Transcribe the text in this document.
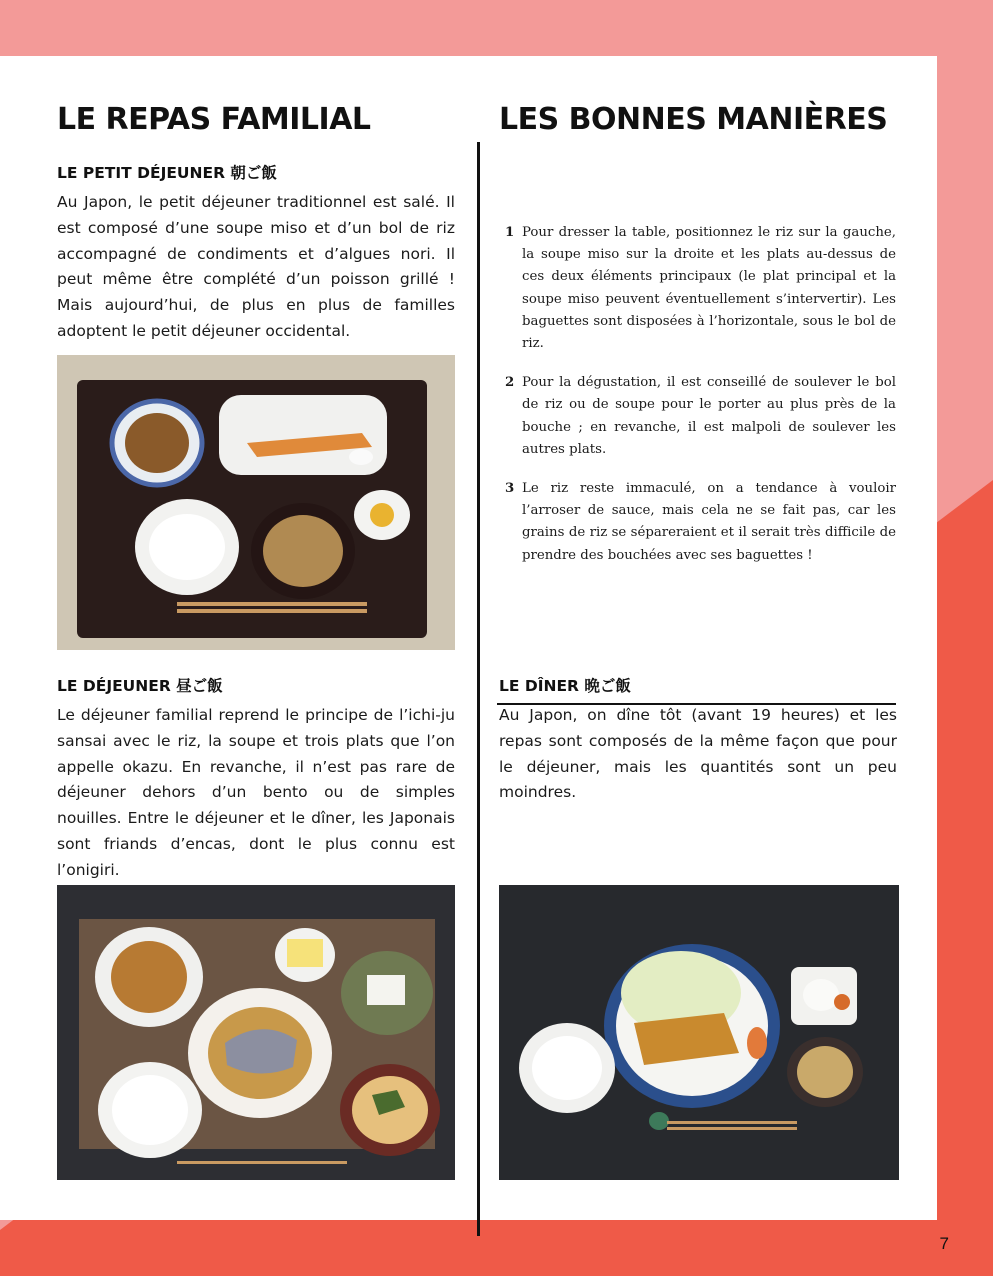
LE REPAS FAMILIAL
LE PETIT DÉJEUNER 朝ご飯

Au Japon, le petit déjeuner traditionnel est salé. Il est composé d’une soupe miso et d’un bol de riz accompagné de condiments et d’algues nori. Il peut même être complété d’un poisson grillé ! Mais aujourd’hui, de plus en plus de familles adoptent le petit déjeuner occidental.

LE DÉJEUNER 昼ご飯

Le déjeuner familial reprend le principe de l’ichi-ju sansai avec le riz, la soupe et trois plats que l’on appelle okazu. En revanche, il n’est pas rare de déjeuner dehors d’un bento ou de simples nouilles. Entre le déjeuner et le dîner, les Japonais sont friands d’encas, dont le plus connu est l’onigiri.

LES BONNES MANIÈRES
1 Pour dresser la table, positionnez le riz sur la gauche, la soupe miso sur la droite et les plats au-dessus de ces deux éléments principaux (le plat principal et la soupe miso peuvent éventuellement s’intervertir). Les baguettes sont disposées à l’horizontale, sous le bol de riz.
2 Pour la dégustation, il est conseillé de soulever le bol de riz ou de soupe pour le porter au plus près de la bouche ; en revanche, il est malpoli de soulever les autres plats.
3 Le riz reste immaculé, on a tendance à vouloir l’arroser de sauce, mais cela ne se fait pas, car les grains de riz se sépareraient et il serait très difficile de prendre des bouchées avec ses baguettes !
LE DÎNER 晩ご飯

Au Japon, on dîne tôt (avant 19 heures) et les repas sont composés de la même façon que pour le déjeuner, mais les quantités sont un peu moindres.

7
